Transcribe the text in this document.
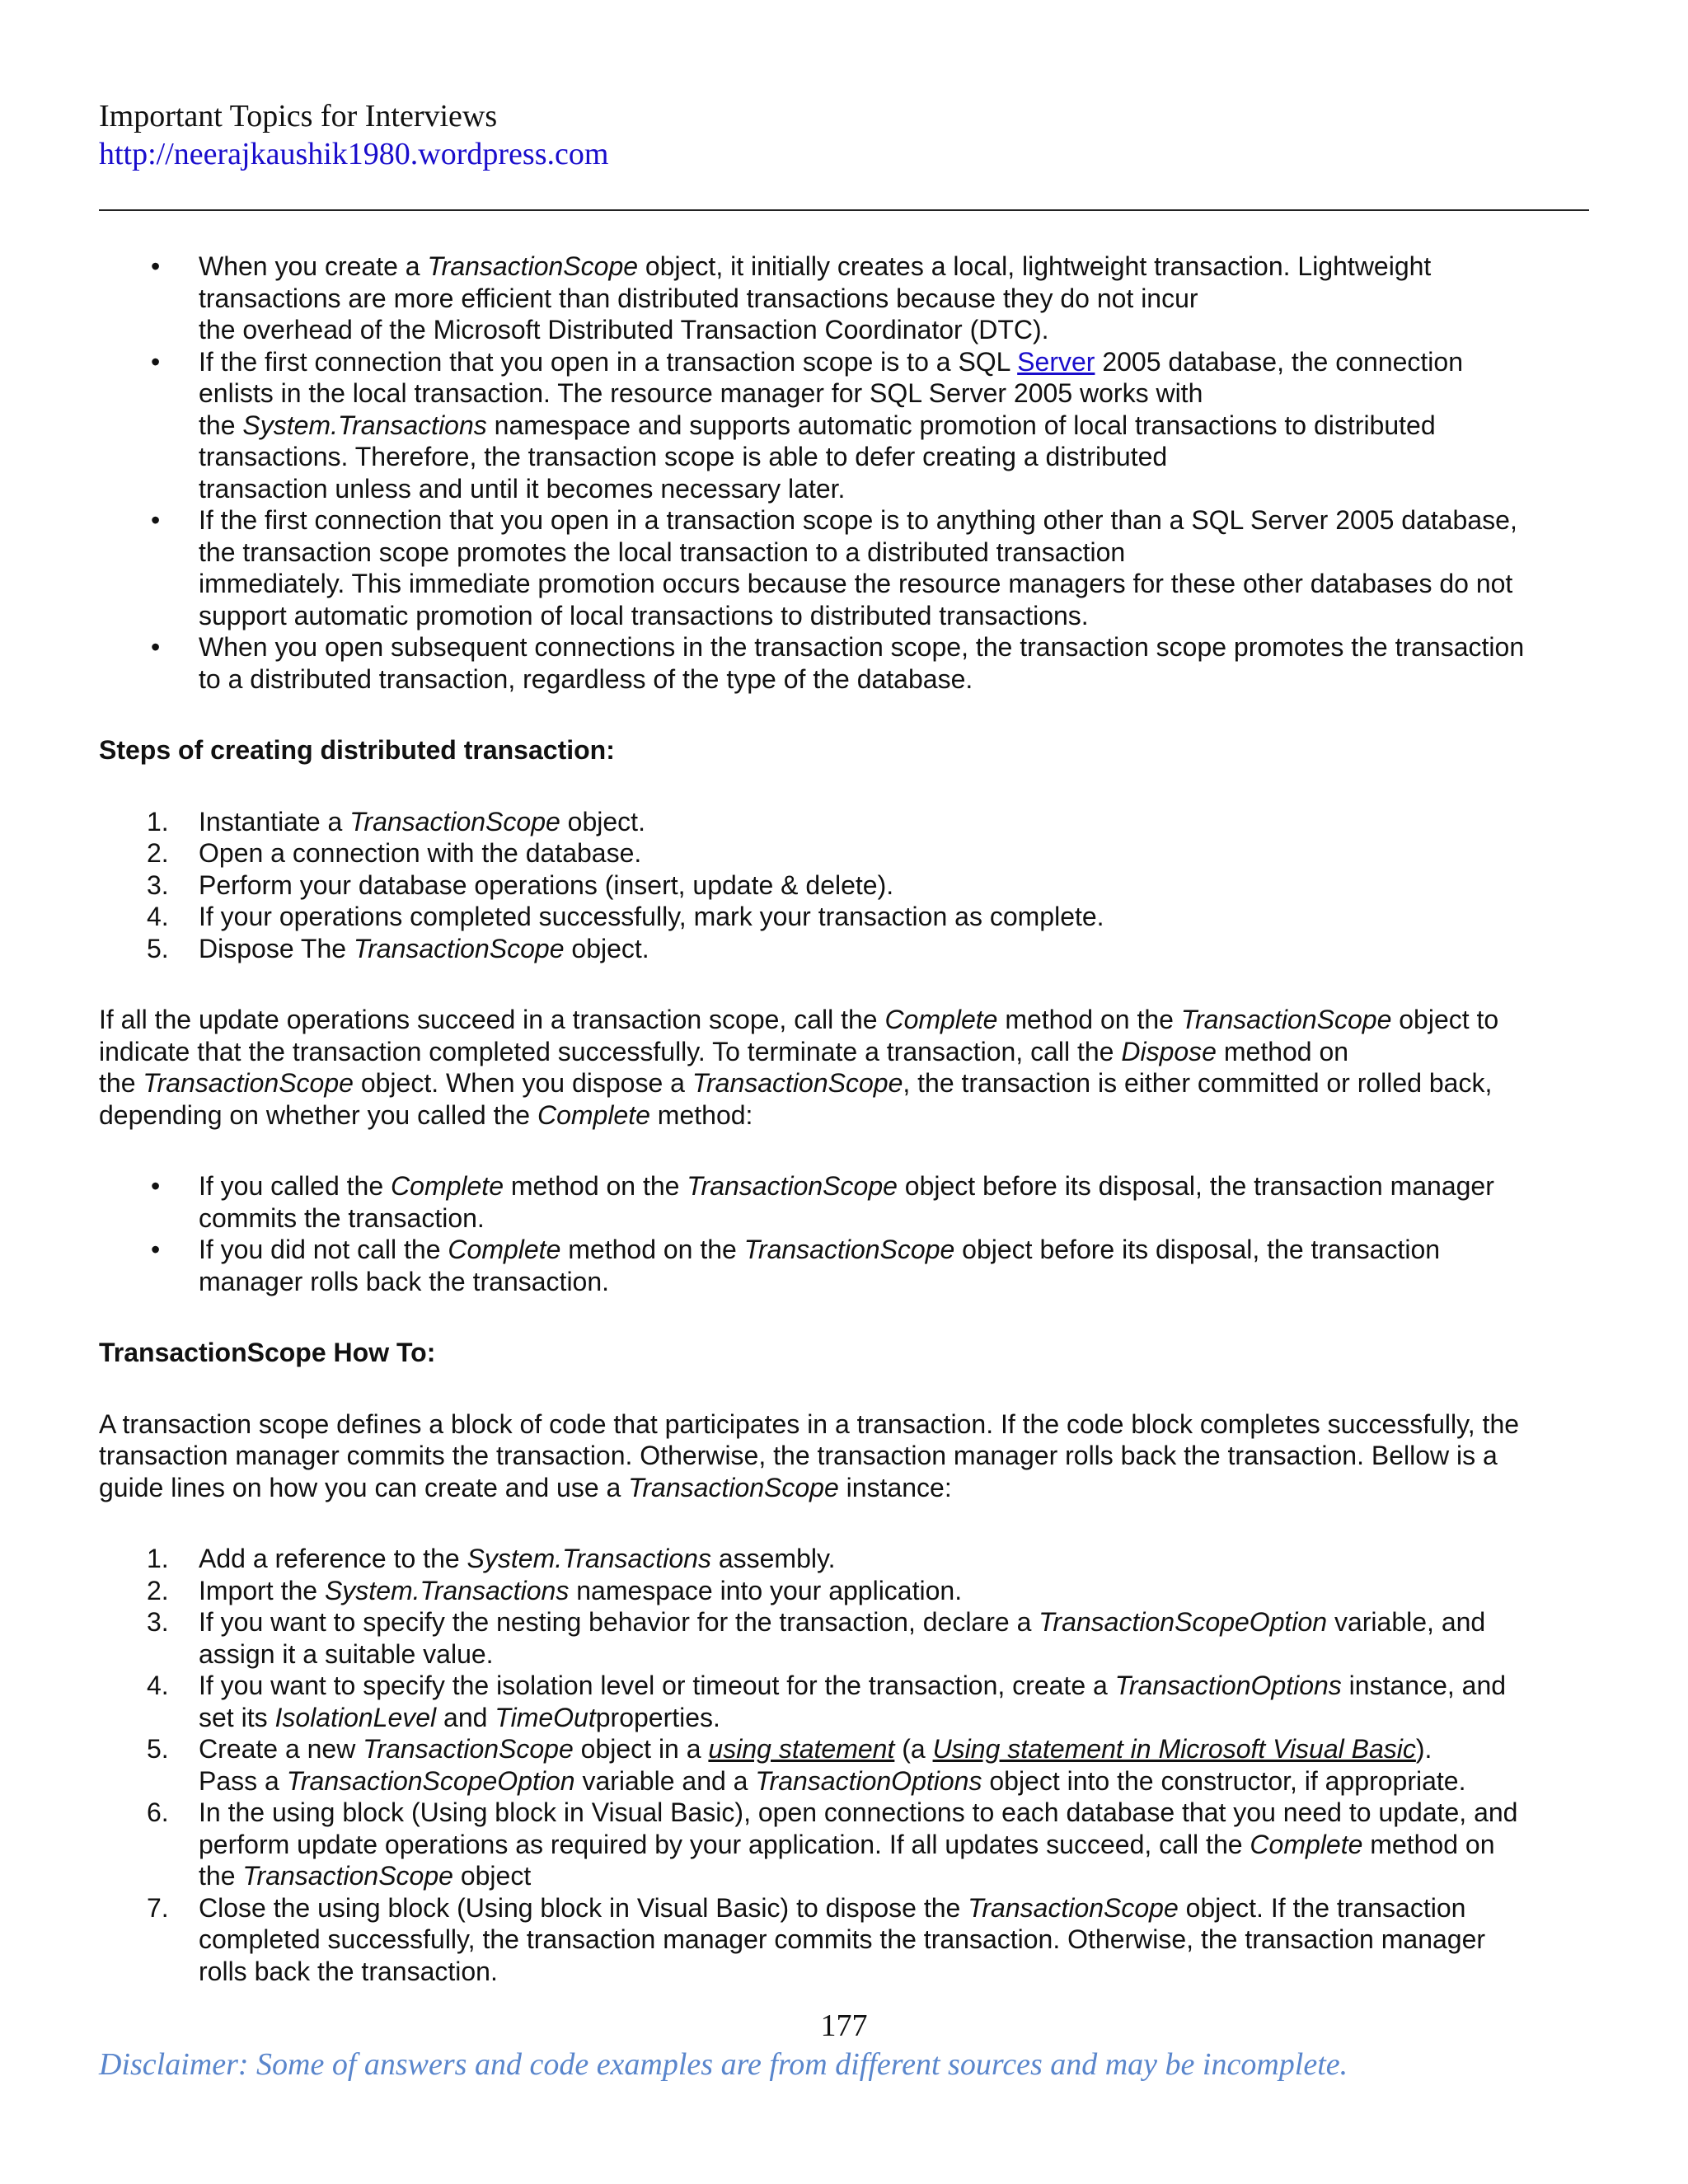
Important Topics for Interviews
http://neerajkaushik1980.wordpress.com
• When you create a TransactionScope object, it initially creates a local, lightweight transaction. Lightweight

transactions are more efficient than distributed transactions because they do not incur

the overhead of the Microsoft Distributed Transaction Coordinator (DTC).

• If the first connection that you open in a transaction scope is to a SQL Server 2005 database, the connection

enlists in the local transaction. The resource manager for SQL Server 2005 works with

the System.Transactions namespace and supports automatic promotion of local transactions to distributed

transactions. Therefore, the transaction scope is able to defer creating a distributed

transaction unless and until it becomes necessary later.

• If the first connection that you open in a transaction scope is to anything other than a SQL Server 2005 database,

the transaction scope promotes the local transaction to a distributed transaction

immediately. This immediate promotion occurs because the resource managers for these other databases do not

support automatic promotion of local transactions to distributed transactions.

• When you open subsequent connections in the transaction scope, the transaction scope promotes the transaction

to a distributed transaction, regardless of the type of the database.

Steps of creating distributed transaction:

1. Instantiate a TransactionScope object.

2. Open a connection with the database.

3. Perform your database operations (insert, update & delete).

4. If your operations completed successfully, mark your transaction as complete.

5. Dispose The TransactionScope object.

If all the update operations succeed in a transaction scope, call the Complete method on the TransactionScope object to

indicate that the transaction completed successfully. To terminate a transaction, call the Dispose method on

the TransactionScope object. When you dispose a TransactionScope, the transaction is either committed or rolled back,

depending on whether you called the Complete method:

• If you called the Complete method on the TransactionScope object before its disposal, the transaction manager

commits the transaction.

• If you did not call the Complete method on the TransactionScope object before its disposal, the transaction

manager rolls back the transaction.

TransactionScope How To:

A transaction scope defines a block of code that participates in a transaction. If the code block completes successfully, the

transaction manager commits the transaction. Otherwise, the transaction manager rolls back the transaction. Bellow is a

guide lines on how you can create and use a TransactionScope instance:

1. Add a reference to the System.Transactions assembly.

2. Import the System.Transactions namespace into your application.

3. If you want to specify the nesting behavior for the transaction, declare a TransactionScopeOption variable, and

assign it a suitable value.

4. If you want to specify the isolation level or timeout for the transaction, create a TransactionOptions instance, and

set its IsolationLevel and TimeOutproperties.

5. Create a new TransactionScope object in a using statement (a Using statement in Microsoft Visual Basic).

Pass a TransactionScopeOption variable and a TransactionOptions object into the constructor, if appropriate.

6. In the using block (Using block in Visual Basic), open connections to each database that you need to update, and

perform update operations as required by your application. If all updates succeed, call the Complete method on

the TransactionScope object

7. Close the using block (Using block in Visual Basic) to dispose the TransactionScope object. If the transaction

completed successfully, the transaction manager commits the transaction. Otherwise, the transaction manager

rolls back the transaction.

177
Disclaimer: Some of answers and code examples are from different sources and may be incomplete.
